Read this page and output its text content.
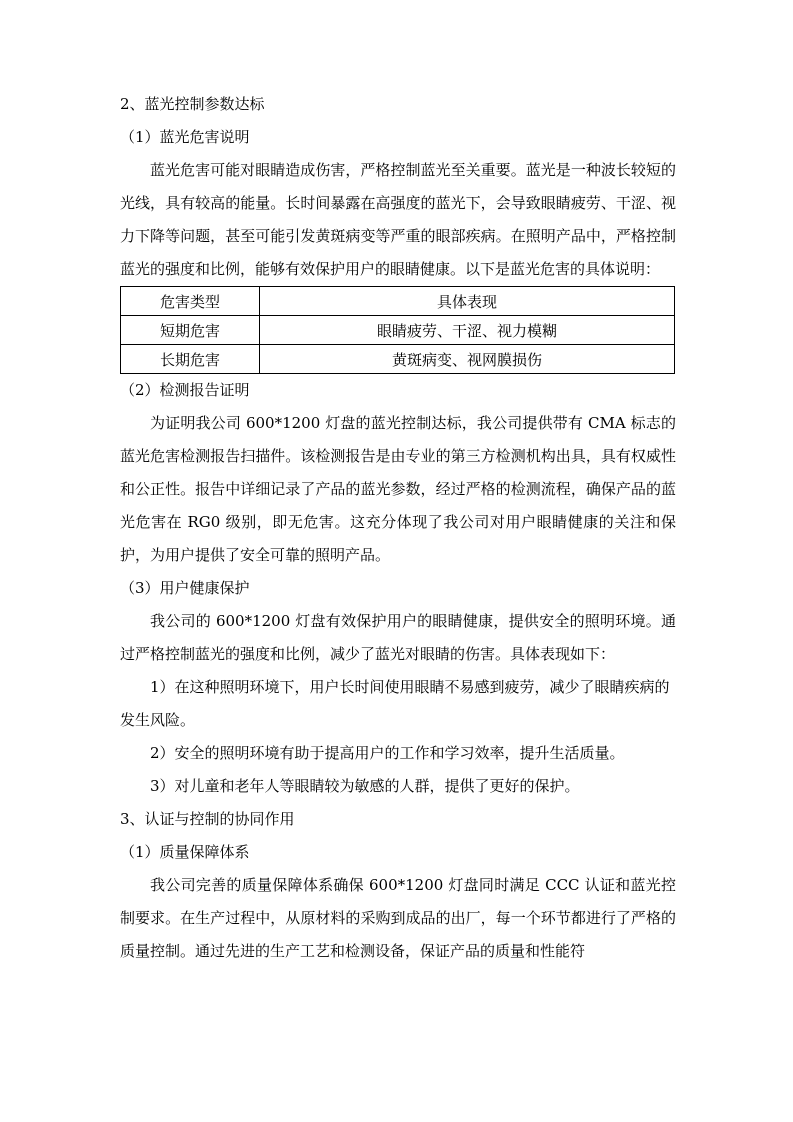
2、蓝光控制参数达标
（1）蓝光危害说明

蓝光危害可能对眼睛造成伤害，严格控制蓝光至关重要。蓝光是一种波长较短的光线，具有较高的能量。长时间暴露在高强度的蓝光下，会导致眼睛疲劳、干涩、视力下降等问题，甚至可能引发黄斑病变等严重的眼部疾病。在照明产品中，严格控制蓝光的强度和比例，能够有效保护用户的眼睛健康。以下是蓝光危害的具体说明：

危害类型	具体表现
短期危害	眼睛疲劳、干涩、视力模糊
长期危害	黄斑病变、视网膜损伤
（2）检测报告证明

为证明我公司 600*1200 灯盘的蓝光控制达标，我公司提供带有 CMA 标志的蓝光危害检测报告扫描件。该检测报告是由专业的第三方检测机构出具，具有权威性和公正性。报告中详细记录了产品的蓝光参数，经过严格的检测流程，确保产品的蓝光危害在 RG0 级别，即无危害。这充分体现了我公司对用户眼睛健康的关注和保护，为用户提供了安全可靠的照明产品。

（3）用户健康保护

我公司的 600*1200 灯盘有效保护用户的眼睛健康，提供安全的照明环境。通过严格控制蓝光的强度和比例，减少了蓝光对眼睛的伤害。具体表现如下：

1）在这种照明环境下，用户长时间使用眼睛不易感到疲劳，减少了眼睛疾病的发生风险。

2）安全的照明环境有助于提高用户的工作和学习效率，提升生活质量。

3）对儿童和老年人等眼睛较为敏感的人群，提供了更好的保护。

3、认证与控制的协同作用
（1）质量保障体系

我公司完善的质量保障体系确保 600*1200 灯盘同时满足 CCC 认证和蓝光控制要求。在生产过程中，从原材料的采购到成品的出厂，每一个环节都进行了严格的质量控制。通过先进的生产工艺和检测设备，保证产品的质量和性能符
